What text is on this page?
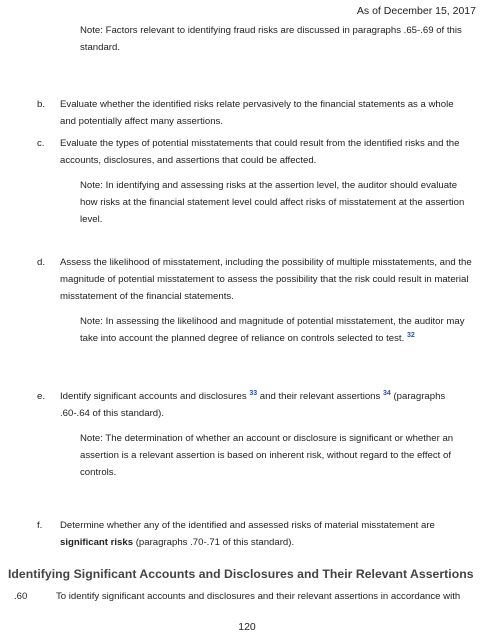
As of December 15, 2017
Note: Factors relevant to identifying fraud risks are discussed in paragraphs .65-.69 of this standard.
b. Evaluate whether the identified risks relate pervasively to the financial statements as a whole and potentially affect many assertions.
c. Evaluate the types of potential misstatements that could result from the identified risks and the accounts, disclosures, and assertions that could be affected.
Note: In identifying and assessing risks at the assertion level, the auditor should evaluate how risks at the financial statement level could affect risks of misstatement at the assertion level.
d. Assess the likelihood of misstatement, including the possibility of multiple misstatements, and the magnitude of potential misstatement to assess the possibility that the risk could result in material misstatement of the financial statements.
Note: In assessing the likelihood and magnitude of potential misstatement, the auditor may take into account the planned degree of reliance on controls selected to test. $^{32}$
e. Identify significant accounts and disclosures $^{33}$ and their relevant assertions $^{34}$ (paragraphs .60-.64 of this standard).
Note: The determination of whether an account or disclosure is significant or whether an assertion is a relevant assertion is based on inherent risk, without regard to the effect of controls.
f. Determine whether any of the identified and assessed risks of material misstatement are significant risks (paragraphs .70-.71 of this standard).
Identifying Significant Accounts and Disclosures and Their Relevant Assertions
.60	To identify significant accounts and disclosures and their relevant assertions in accordance with
120
